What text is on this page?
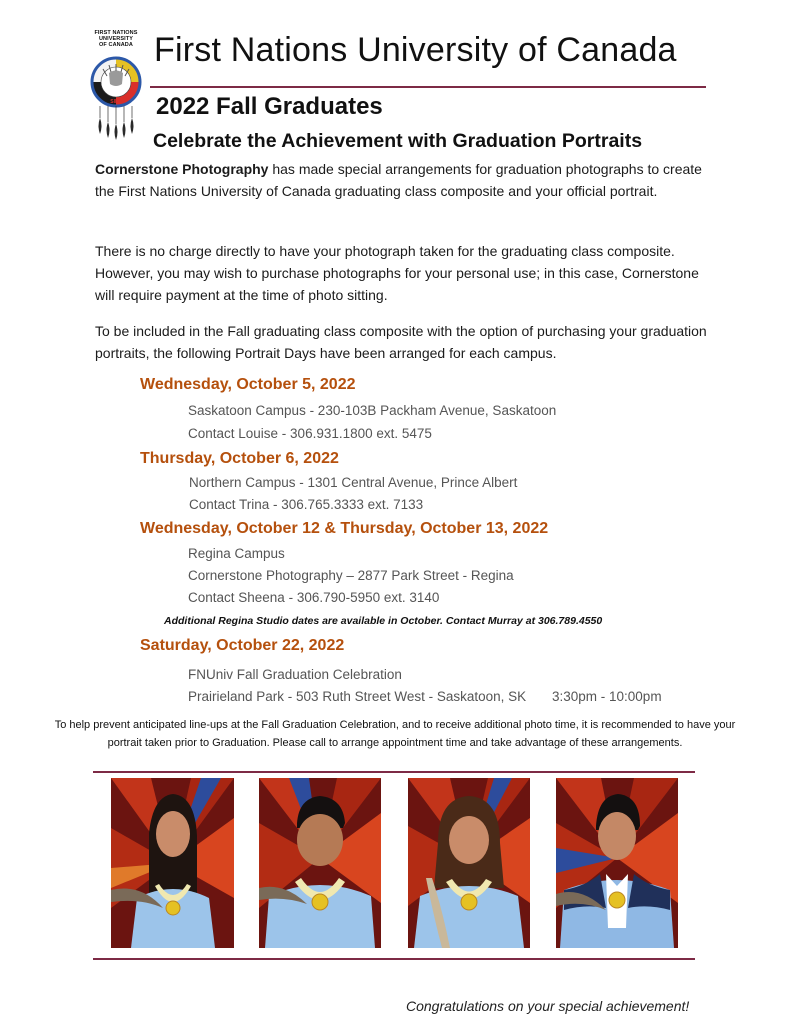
FIRST NATIONS
UNIVERSITY
OF CANADA
SIFC
First Nations University of Canada
2022 Fall Graduates
Celebrate the Achievement with Graduation Portraits
Cornerstone Photography has made special arrangements for graduation photographs to create the First Nations University of Canada graduating class composite and your official portrait.
There is no charge directly to have your photograph taken for the graduating class composite. However, you may wish to purchase photographs for your personal use; in this case, Cornerstone will require payment at the time of photo sitting.
To be included in the Fall graduating class composite with the option of purchasing your graduation portraits, the following Portrait Days have been arranged for each campus.
Wednesday, October 5, 2022
Saskatoon Campus - 230-103B Packham Avenue, Saskatoon
Contact Louise - 306.931.1800 ext. 5475
Thursday, October 6, 2022
Northern Campus - 1301 Central Avenue, Prince Albert
Contact Trina - 306.765.3333 ext. 7133
Wednesday, October 12 & Thursday, October 13, 2022
Regina Campus
Cornerstone Photography – 2877 Park Street - Regina
Contact Sheena - 306.790-5950 ext. 3140
Additional Regina Studio dates are available in October. Contact Murray at 306.789.4550
Saturday, October 22, 2022
FNUniv Fall Graduation Celebration
Prairieland Park - 503 Ruth Street West - Saskatoon, SK 3:30pm - 10:00pm
To help prevent anticipated line-ups at the Fall Graduation Celebration, and to receive additional photo time, it is recommended to have your portrait taken prior to Graduation. Please call to arrange appointment time and take advantage of these arrangements.
Congratulations on your special achievement!
